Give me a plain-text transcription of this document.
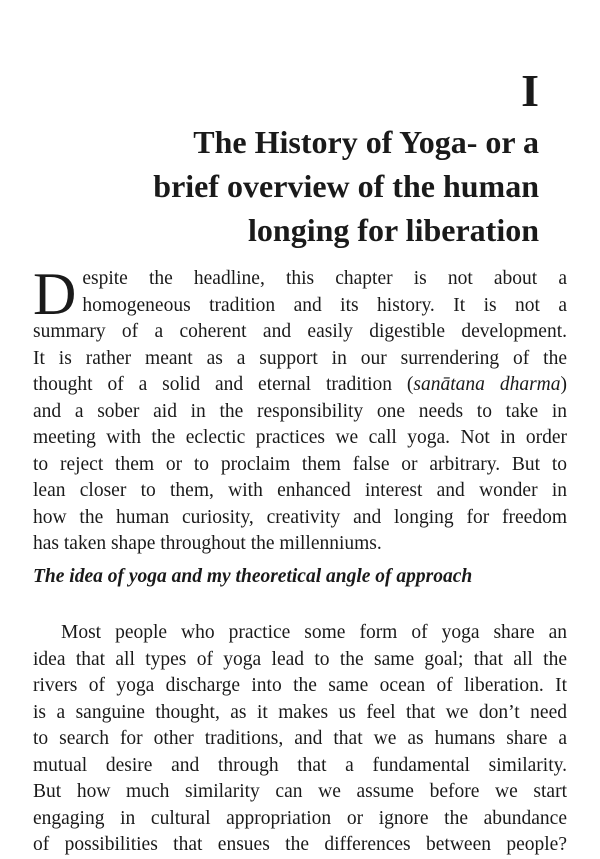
I
The History of Yoga- or a
brief overview of the human
longing for liberation
D espite the headline, this chapter is not about a
homogeneous tradition and its history. It is not a
summary of a coherent and easily digestible development.
It is rather meant as a support in our surrendering of the
thought of a solid and eternal tradition (sanātana dharma)
and a sober aid in the responsibility one needs to take in
meeting with the eclectic practices we call yoga. Not in order
to reject them or to proclaim them false or arbitrary. But to
lean closer to them, with enhanced interest and wonder in
how the human curiosity, creativity and longing for freedom
has taken shape throughout the millenniums.
The idea of yoga and my theoretical angle of approach
Most people who practice some form of yoga share an
idea that all types of yoga lead to the same goal; that all the
rivers of yoga discharge into the same ocean of liberation. It
is a sanguine thought, as it makes us feel that we don’t need
to search for other traditions, and that we as humans share a
mutual desire and through that a fundamental similarity.
But how much similarity can we assume before we start
engaging in cultural appropriation or ignore the abundance
of possibilities that ensues the differences between people?
